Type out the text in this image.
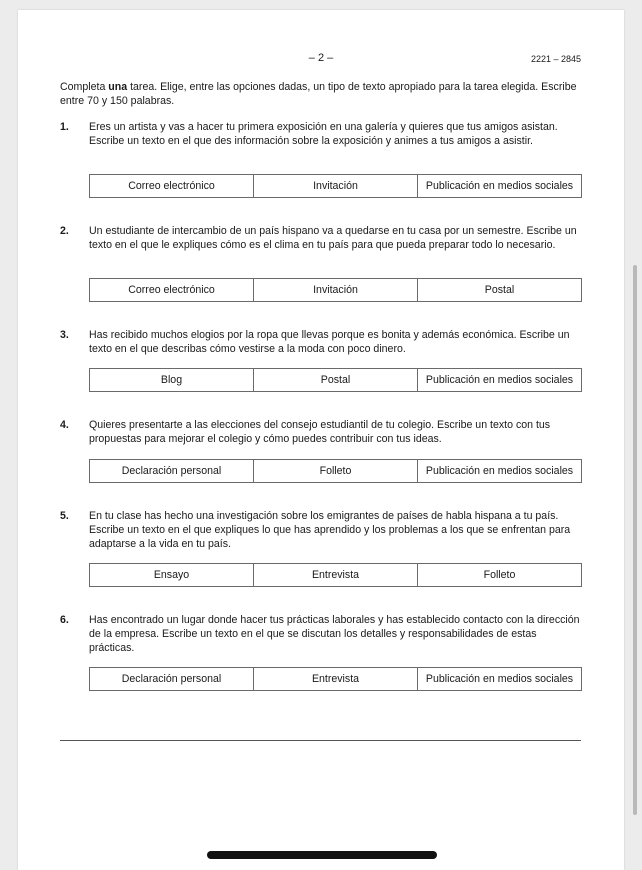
– 2 –	2221 – 2845
Completa una tarea. Elige, entre las opciones dadas, un tipo de texto apropiado para la tarea elegida. Escribe entre 70 y 150 palabras.
1. Eres un artista y vas a hacer tu primera exposición en una galería y quieres que tus amigos asistan. Escribe un texto en el que des información sobre la exposición y animes a tus amigos a asistir.
Correo electrónico	Invitación	Publicación en medios sociales
2. Un estudiante de intercambio de un país hispano va a quedarse en tu casa por un semestre. Escribe un texto en el que le expliques cómo es el clima en tu país para que pueda preparar todo lo necesario.
Correo electrónico	Invitación	Postal
3. Has recibido muchos elogios por la ropa que llevas porque es bonita y además económica. Escribe un texto en el que describas cómo vestirse a la moda con poco dinero.
Blog	Postal	Publicación en medios sociales
4. Quieres presentarte a las elecciones del consejo estudiantil de tu colegio. Escribe un texto con tus propuestas para mejorar el colegio y cómo puedes contribuir con tus ideas.
Declaración personal	Folleto	Publicación en medios sociales
5. En tu clase has hecho una investigación sobre los emigrantes de países de habla hispana a tu país. Escribe un texto en el que expliques lo que has aprendido y los problemas a los que se enfrentan para adaptarse a la vida en tu país.
Ensayo	Entrevista	Folleto
6. Has encontrado un lugar donde hacer tus prácticas laborales y has establecido contacto con la dirección de la empresa. Escribe un texto en el que se discutan los detalles y responsabilidades de estas prácticas.
Declaración personal	Entrevista	Publicación en medios sociales
